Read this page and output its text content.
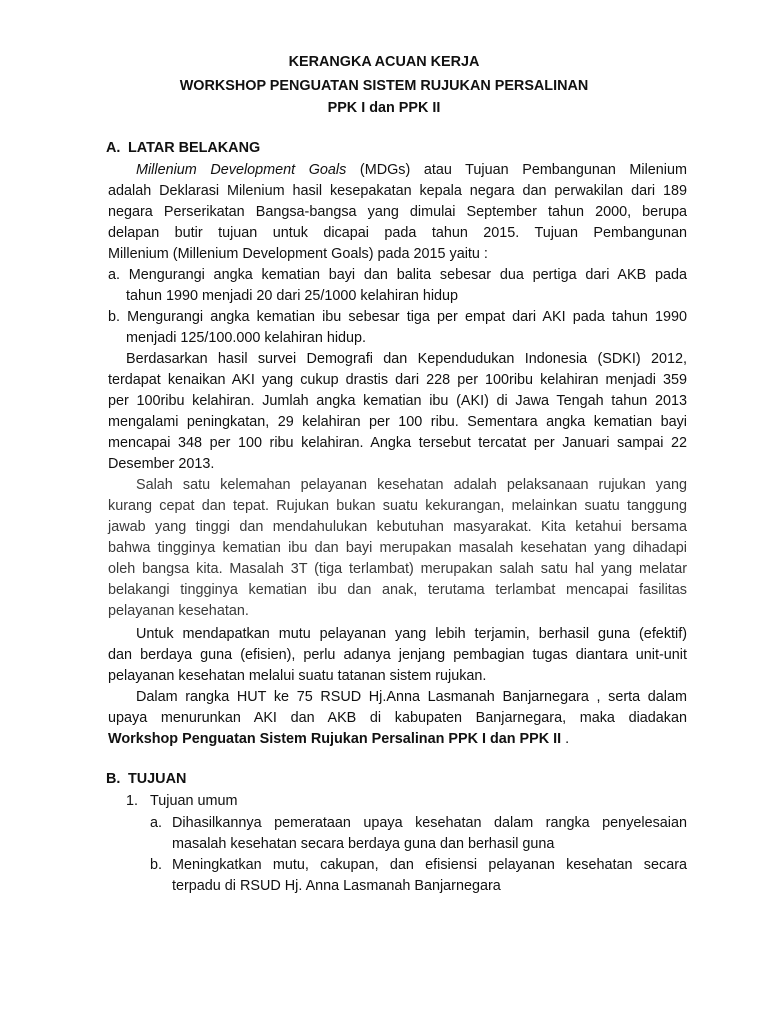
KERANGKA ACUAN KERJA
WORKSHOP PENGUATAN SISTEM RUJUKAN PERSALINAN
PPK I dan PPK II
A. LATAR BELAKANG
Millenium Development Goals (MDGs) atau Tujuan Pembangunan Milenium
adalah Deklarasi Milenium hasil kesepakatan kepala negara dan perwakilan dari 189
negara Perserikatan Bangsa-bangsa yang dimulai September tahun 2000, berupa
delapan butir tujuan untuk dicapai pada tahun 2015. Tujuan Pembangunan
Millenium (Millenium Development Goals) pada 2015 yaitu :
a. Mengurangi angka kematian bayi dan balita sebesar dua pertiga dari AKB pada
tahun 1990 menjadi 20 dari 25/1000 kelahiran hidup
b. Mengurangi angka kematian ibu sebesar tiga per empat dari AKI pada tahun 1990
menjadi 125/100.000 kelahiran hidup.
Berdasarkan hasil survei Demografi dan Kependudukan Indonesia (SDKI) 2012,
terdapat kenaikan AKI yang cukup drastis dari 228 per 100ribu kelahiran menjadi 359
per 100ribu kelahiran. Jumlah angka kematian ibu (AKI) di Jawa Tengah tahun 2013
mengalami peningkatan, 29 kelahiran per 100 ribu. Sementara angka kematian bayi
mencapai 348 per 100 ribu kelahiran. Angka tersebut tercatat per Januari sampai 22
Desember 2013.
Salah satu kelemahan pelayanan kesehatan adalah pelaksanaan rujukan yang
kurang cepat dan tepat. Rujukan bukan suatu kekurangan, melainkan suatu tanggung
jawab yang tinggi dan mendahulukan kebutuhan masyarakat. Kita ketahui bersama
bahwa tingginya kematian ibu dan bayi merupakan masalah kesehatan yang dihadapi
oleh bangsa kita. Masalah 3T (tiga terlambat) merupakan salah satu hal yang melatar
belakangi tingginya kematian ibu dan anak, terutama terlambat mencapai fasilitas
pelayanan kesehatan.
Untuk mendapatkan mutu pelayanan yang lebih terjamin, berhasil guna (efektif)
dan berdaya guna (efisien), perlu adanya jenjang pembagian tugas diantara unit-unit
pelayanan kesehatan melalui suatu tatanan sistem rujukan.
Dalam rangka HUT ke 75 RSUD Hj.Anna Lasmanah Banjarnegara , serta dalam
upaya menurunkan AKI dan AKB di kabupaten Banjarnegara, maka diadakan
Workshop Penguatan Sistem Rujukan Persalinan PPK I dan PPK II .
B. TUJUAN
1. Tujuan umum
a. Dihasilkannya pemerataan upaya kesehatan dalam rangka penyelesaian
masalah kesehatan secara berdaya guna dan berhasil guna
b. Meningkatkan mutu, cakupan, dan efisiensi pelayanan kesehatan secara
terpadu di RSUD Hj. Anna Lasmanah Banjarnegara
